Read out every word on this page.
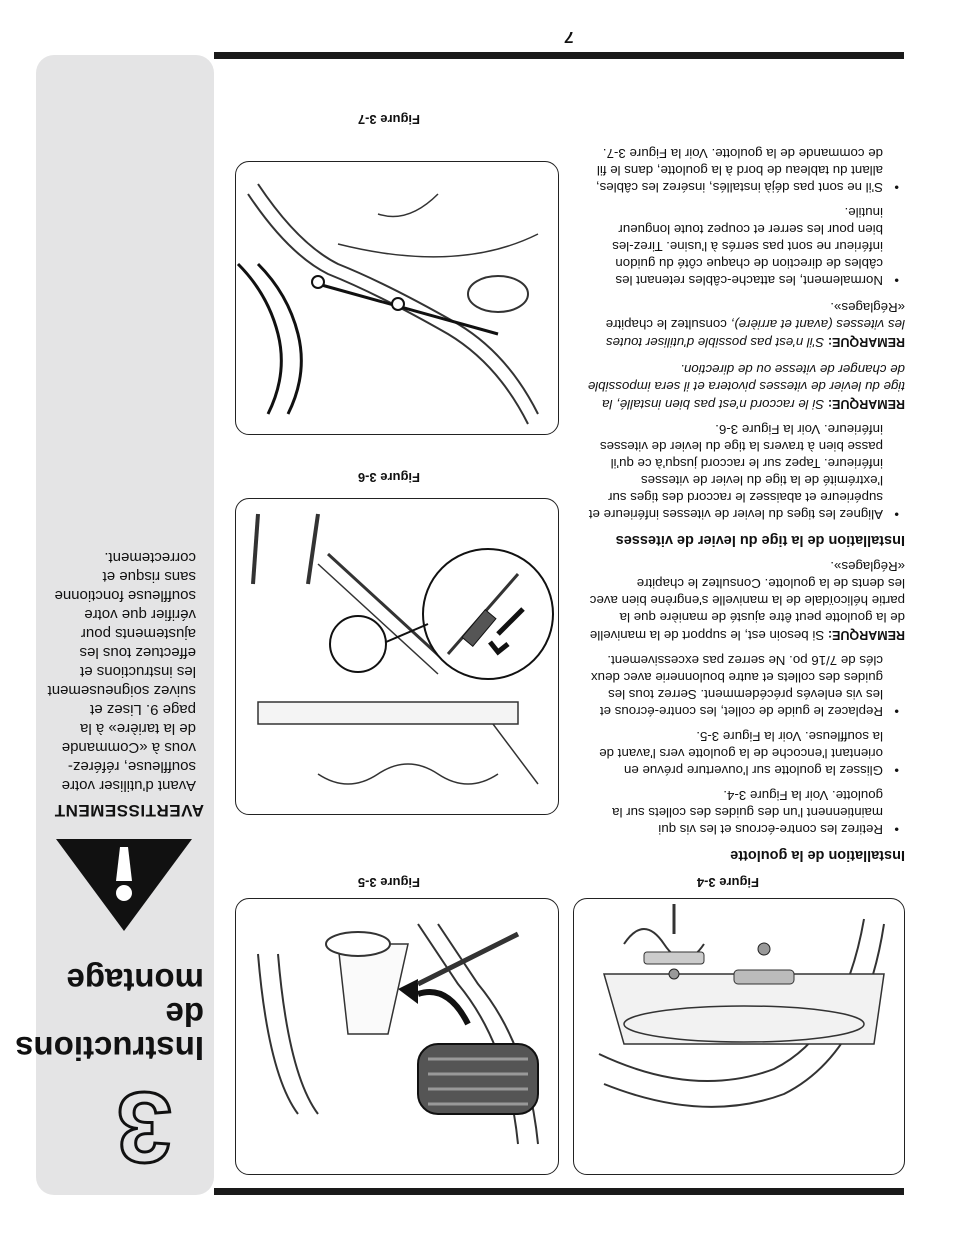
7
3
Instructions
de montage
AVERTISSEMENT
Avant d'utiliser votre souffleuse, référez-vous à «Commande de la tarière» à la page 9. Lisez et suivez soigneusement les instructions et effectuez tous les ajustements pour vérifier que votre souffleuse fonctionne sans risque et correctement.
Figure 3-4
Figure 3-5
Figure 3-6
Figure 3-7
Installation de la goulotte
• Retirez les contre-écrous et les vis qui maintiennent l'un des guides des collets sur la goulotte. Voir la Figure 3-4.
• Glissez la goulotte sur l'ouverture prévue en orientant l'encoche de la goulotte vers l'avant de la souffleuse. Voir la Figure 3-5.
• Replacez le guide de collet, les contre-écrous et les vis enlevés précédemment. Serrez tous les guides des collets et autre boulonnerie avec deux clés de 7/16 po. Ne serrez pas excessivement.

REMARQUE: Si besoin est, le support de la manivelle de la goulotte peut être ajusté de manière que la partie hélicoïdale de la manivelle s'engrène bien avec les dents de la goulotte. Consultez le chapitre «Réglages».

Installation de la tige du levier de vitesses
• Alignez les tiges du levier de vitesses inférieure et supérieure et abaissez le raccord des tiges sur l'extrémité de la tige du levier de vitesses inférieure. Tapez sur le raccord jusqu'à ce qu'il passe bien à travers la tige du levier de vitesses inférieure. Voir la Figure 3-6.

REMARQUE: Si le raccord n'est pas bien installé, la tige du levier de vitesses pivotera et il sera impossible de changer de vitesse ou de direction.

REMARQUE: S'il n'est pas possible d'utiliser toutes les vitesses (avant et arrière), consultez le chapitre «Réglages».

• Normalement, les attache-câbles retenant les câbles de direction de chaque côté du guidon inférieur ne sont pas serrés à l'usine. Tirez-les bien pour les serrer et coupez toute longueur inutile.
• S'il ne sont pas déjà installés, insérez les câbles, allant du tableau de bord à la goulotte, dans le fil de commande de la goulotte. Voir la Figure 3-7.
